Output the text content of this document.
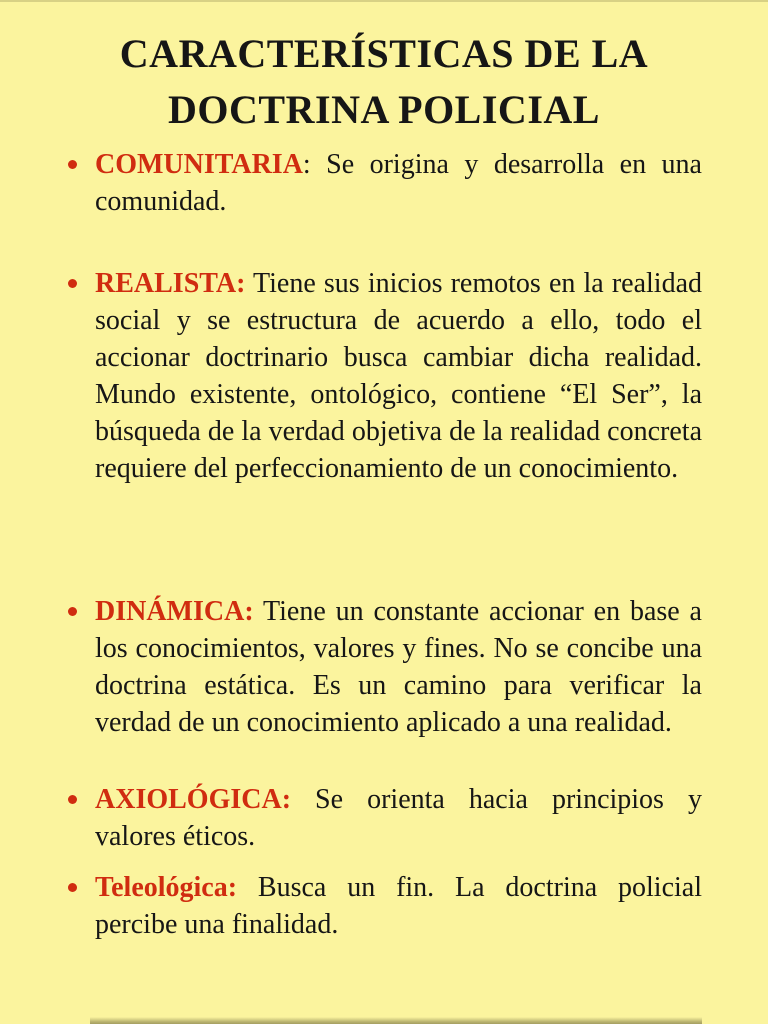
CARACTERÍSTICAS DE LA
DOCTRINA POLICIAL
COMUNITARIA: Se origina y desarrolla en una comunidad.
REALISTA: Tiene sus inicios remotos en la realidad social y se estructura de acuerdo a ello, todo el accionar doctrinario busca cambiar dicha realidad. Mundo existente, ontológico, contiene “El Ser”, la búsqueda de la verdad objetiva de la realidad concreta requiere del perfeccionamiento de un conocimiento.
DINÁMICA: Tiene un constante accionar en base a los conocimientos, valores y fines. No se concibe una doctrina estática. Es un camino para verificar la verdad de un conocimiento aplicado a una realidad.
AXIOLÓGICA: Se orienta hacia principios y valores éticos.
Teleológica: Busca un fin. La doctrina policial percibe una finalidad.
